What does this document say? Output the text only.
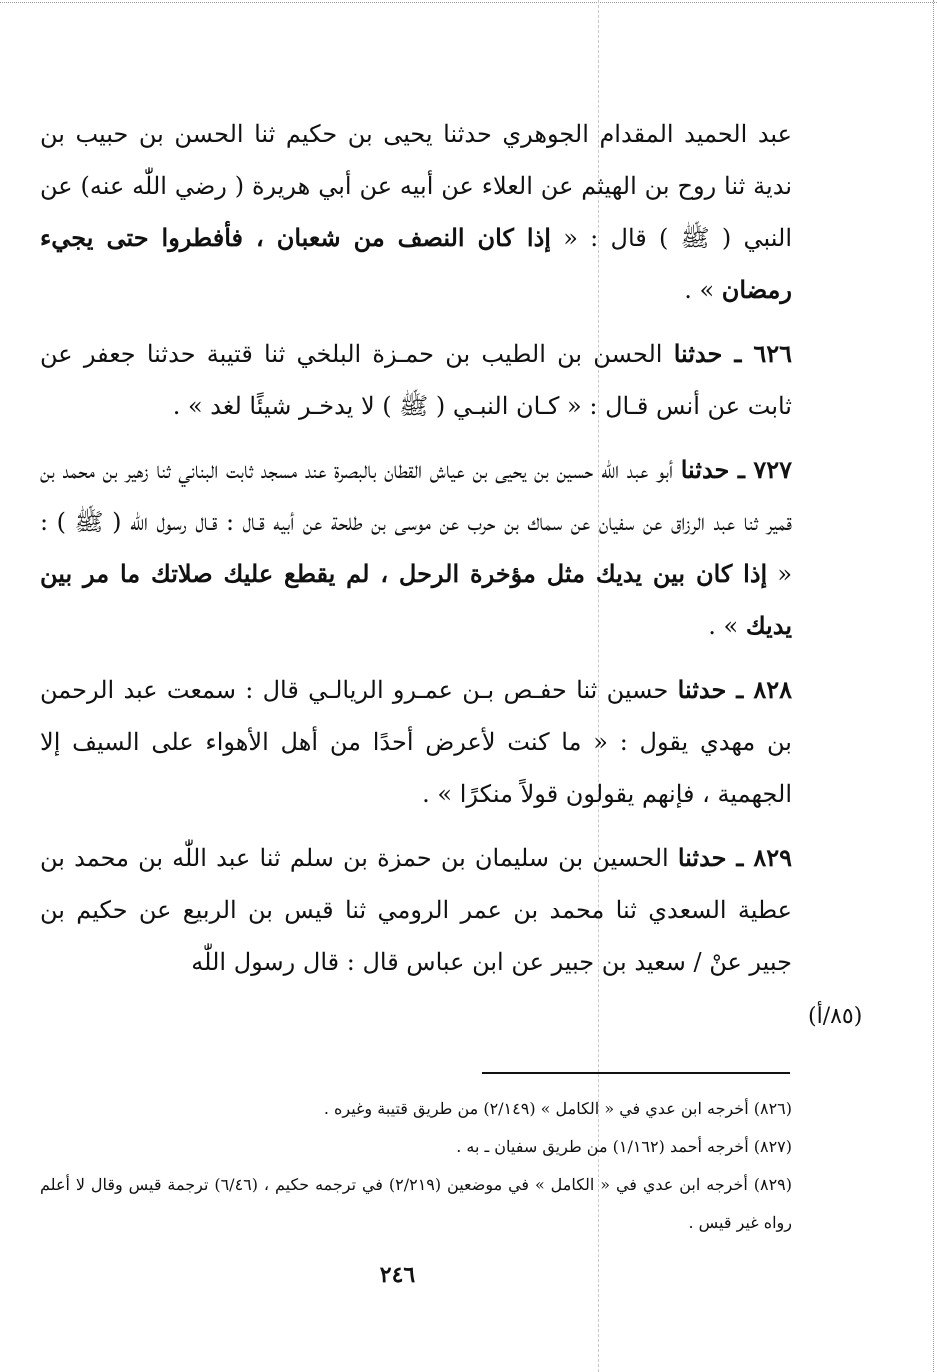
عبد الحميد المقدام الجوهري حدثنا يحيى بن حكيم ثنا الحسن بن حبيب بن ندية ثنا روح بن الهيثم عن العلاء عن أبيه عن أبي هريرة ( رضي اللّٰه عنه) عن النبي ( ﷺ ) قال : « إذا كان النصف من شعبان ، فأفطروا حتى يجيء رمضان » .

٦٢٦ ـ حدثنا الحسن بن الطيب بن حمـزة البلخي ثنا قتيبة حدثنا جعفر عن ثابت عن أنس قـال : « كـان النبـي ( ﷺ ) لا يدخـر شيئًا لغد » .

٧٢٧ ـ حدثنا أبو عبد اللّٰه حسين بن يحيى بن عياش القطان بالبصرة عند مسجد ثابت البناني ثنا زهير بن محمد بن قمير ثنا عبد الرزاق عن سفيان عن سماك بن حرب عن موسى بن طلحة عن أبيه قـال : قـال رسول اللّٰه ( ﷺ ) : « إذا كان بين يديك مثل مؤخرة الرحل ، لم يقطع عليك صلاتك ما مر بين يديك » .

٨٢٨ ـ حدثنا حسين ثنا حفـص بـن عمـرو الريالـي قال : سمعت عبد الرحمن بن مهدي يقول : « ما كنت لأعرض أحدًا من أهل الأهواء على السيف إلا الجهمية ، فإنهم يقولون قولاً منكرًا » .

٨٢٩ ـ حدثنا الحسين بن سليمان بن حمزة بن سلم ثنا عبد اللّٰه بن محمد بن عطية السعدي ثنا محمد بن عمر الرومي ثنا قيس بن الربيع عن حكيم بن جبير عنْ / سعيد بن جبير عن ابن عباس قال : قال رسول اللّٰه

(٨٥/أ)
(٨٢٦) أخرجه ابن عدي في « الكامل » (٢/١٤٩) من طريق قتيبة وغيره .
(٨٢٧) أخرجه أحمد (١/١٦٢) من طريق سفيان ـ به .
(٨٢٩) أخرجه ابن عدي في « الكامل » في موضعين (٢/٢١٩) في ترجمه حكيم ، (٦/٤٦) ترجمة قيس وقال لا أعلم رواه غير قيس .
٢٤٦
